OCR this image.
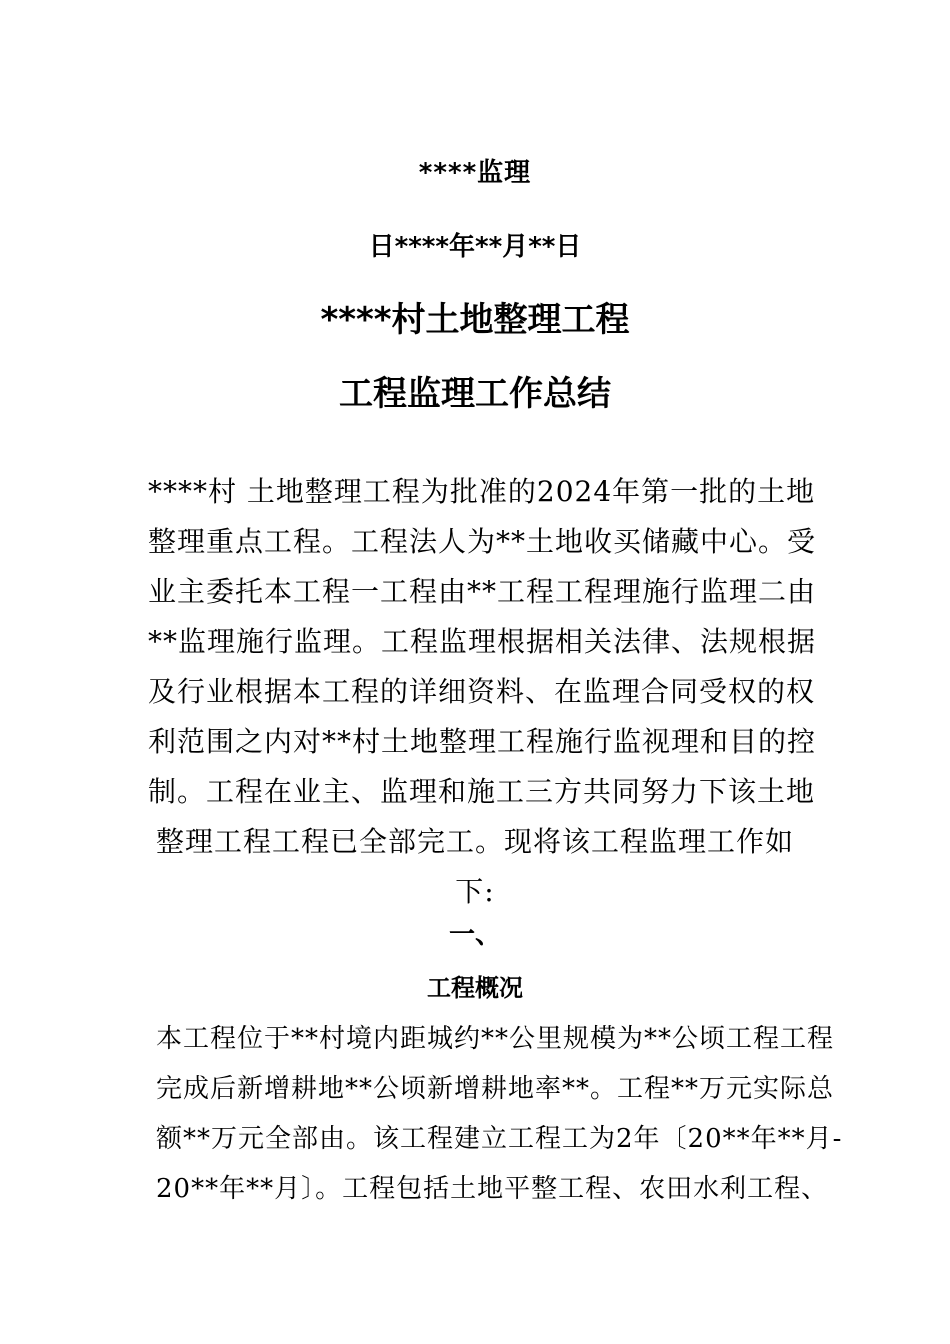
****监理
日****年**月**日
****村土地整理工程
工程监理工作总结
****村 土地整理工程为批准的2024年第一批的土地
整理重点工程。工程法人为**土地收买储藏中心。受
业主委托本工程一工程由**工程工程理施行监理二由
**监理施行监理。工程监理根据相关法律、法规根据
及行业根据本工程的详细资料、在监理合同受权的权
利范围之内对**村土地整理工程施行监视理和目的控
制。工程在业主、监理和施工三方共同努力下该土地
整理工程工程已全部完工。现将该工程监理工作如
下:
一、
工程概况
本工程位于**村境内距城约**公里规模为**公顷工程工程
完成后新增耕地**公顷新增耕地率**。工程**万元实际总
额**万元全部由。该工程建立工程工为2年〔20**年**月-
20**年**月〕。工程包括土地平整工程、农田水利工程、
